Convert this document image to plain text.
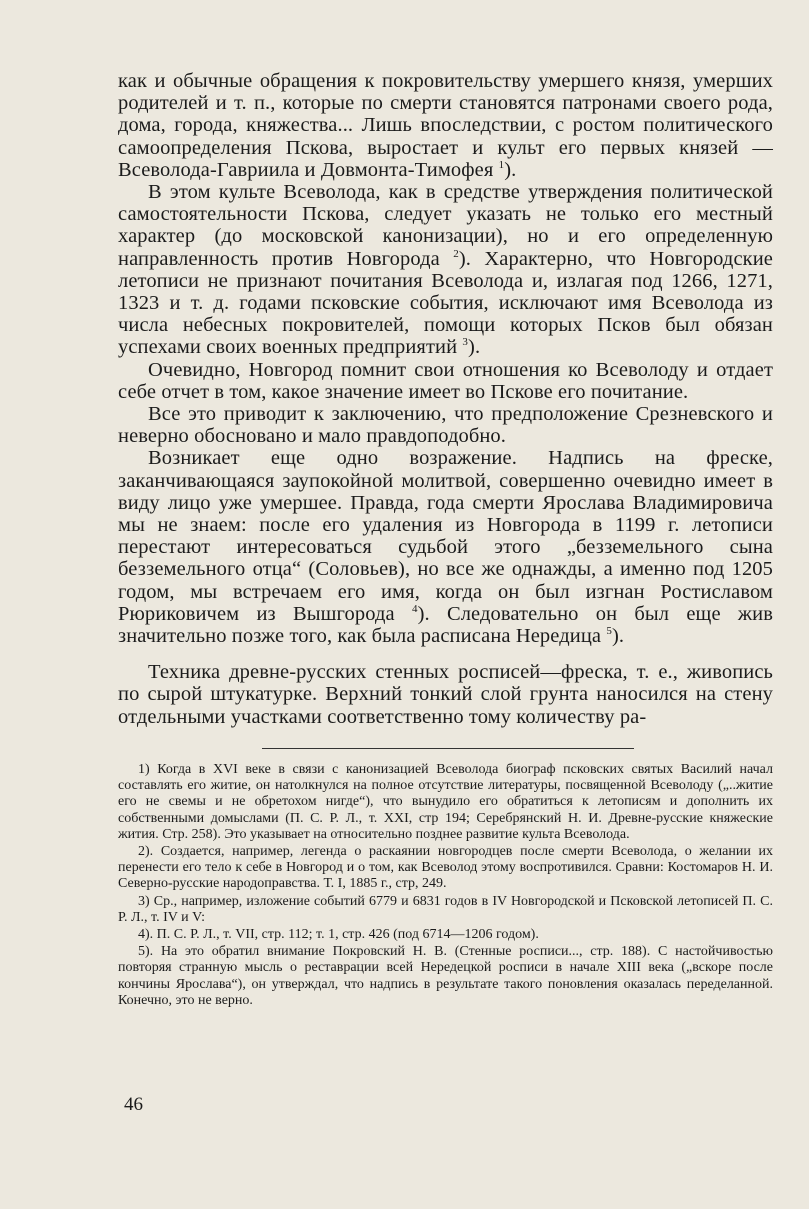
как и обычные обращения к покровительству умершего князя, умерших родителей и т. п., которые по смерти становятся патронами своего рода, дома, города, княжества... Лишь впоследствии, с ростом политического самоопределения Пскова, выростает и культ его первых князей — Всеволода-Гавриила и Довмонта-Тимофея $^1$).

В этом культе Всеволода, как в средстве утверждения политической самостоятельности Пскова, следует указать не только его местный характер (до московской канонизации), но и его определенную направленность против Новгорода $^2$). Характерно, что Новгородские летописи не признают почитания Всеволода и, излагая под 1266, 1271, 1323 и т. д. годами псковские события, исключают имя Всеволода из числа небесных покровителей, помощи которых Псков был обязан успехами своих военных предприятий $^3$).

Очевидно, Новгород помнит свои отношения ко Всеволоду и отдает себе отчет в том, какое значение имеет во Пскове его почитание.

Все это приводит к заключению, что предположение Срезневского и неверно обосновано и мало правдоподобно.

Возникает еще одно возражение. Надпись на фреске, заканчивающаяся заупокойной молитвой, совершенно очевидно имеет в виду лицо уже умершее. Правда, года смерти Ярослава Владимировича мы не знаем: после его удаления из Новгорода в 1199 г. летописи перестают интересоваться судьбой этого „безземельного сына безземельного отца“ (Соловьев), но все же однажды, а именно под 1205 годом, мы встречаем его имя, когда он был изгнан Ростиславом Рюриковичем из Вышгорода $^4$). Следовательно он был еще жив значительно позже того, как была расписана Нередица $^5$).

Техника древне-русских стенных росписей—фреска, т. е., живопись по сырой штукатурке. Верхний тонкий слой грунта наносился на стену отдельными участками соответственно тому количеству ра-

1) Когда в XVI веке в связи с канонизацией Всеволода биограф псковских святых Василий начал составлять его житие, он натолкнулся на полное отсутствие литературы, посвященной Всеволоду („..житие его не свемы и не обретохом нигде“), что вынудило его обратиться к летописям и дополнить их собственными домыслами (П. С. Р. Л., т. XXI, стр 194; Серебрянский Н. И. Древне-русские княжеские жития. Стр. 258). Это указывает на относительно позднее развитие культа Всеволода.

2). Создается, например, легенда о раскаянии новгородцев после смерти Всеволода, о желании их перенести его тело к себе в Новгород и о том, как Всеволод этому воспротивился. Сравни: Костомаров Н. И. Северно-русские народоправства. Т. I, 1885 г., стр, 249.

3) Ср., например, изложение событий 6779 и 6831 годов в IV Новгородской и Псковской летописей П. С. Р. Л., т. IV и V:

4). П. С. Р. Л., т. VII, стр. 112; т. 1, стр. 426 (под 6714—1206 годом).

5). На это обратил внимание Покровский Н. В. (Стенные росписи..., стр. 188). С настойчивостью повторяя странную мысль о реставрации всей Нередецкой росписи в начале XIII века („вскоре после кончины Ярослава“), он утверждал, что надпись в результате такого поновления оказалась переделанной. Конечно, это не верно.

46
